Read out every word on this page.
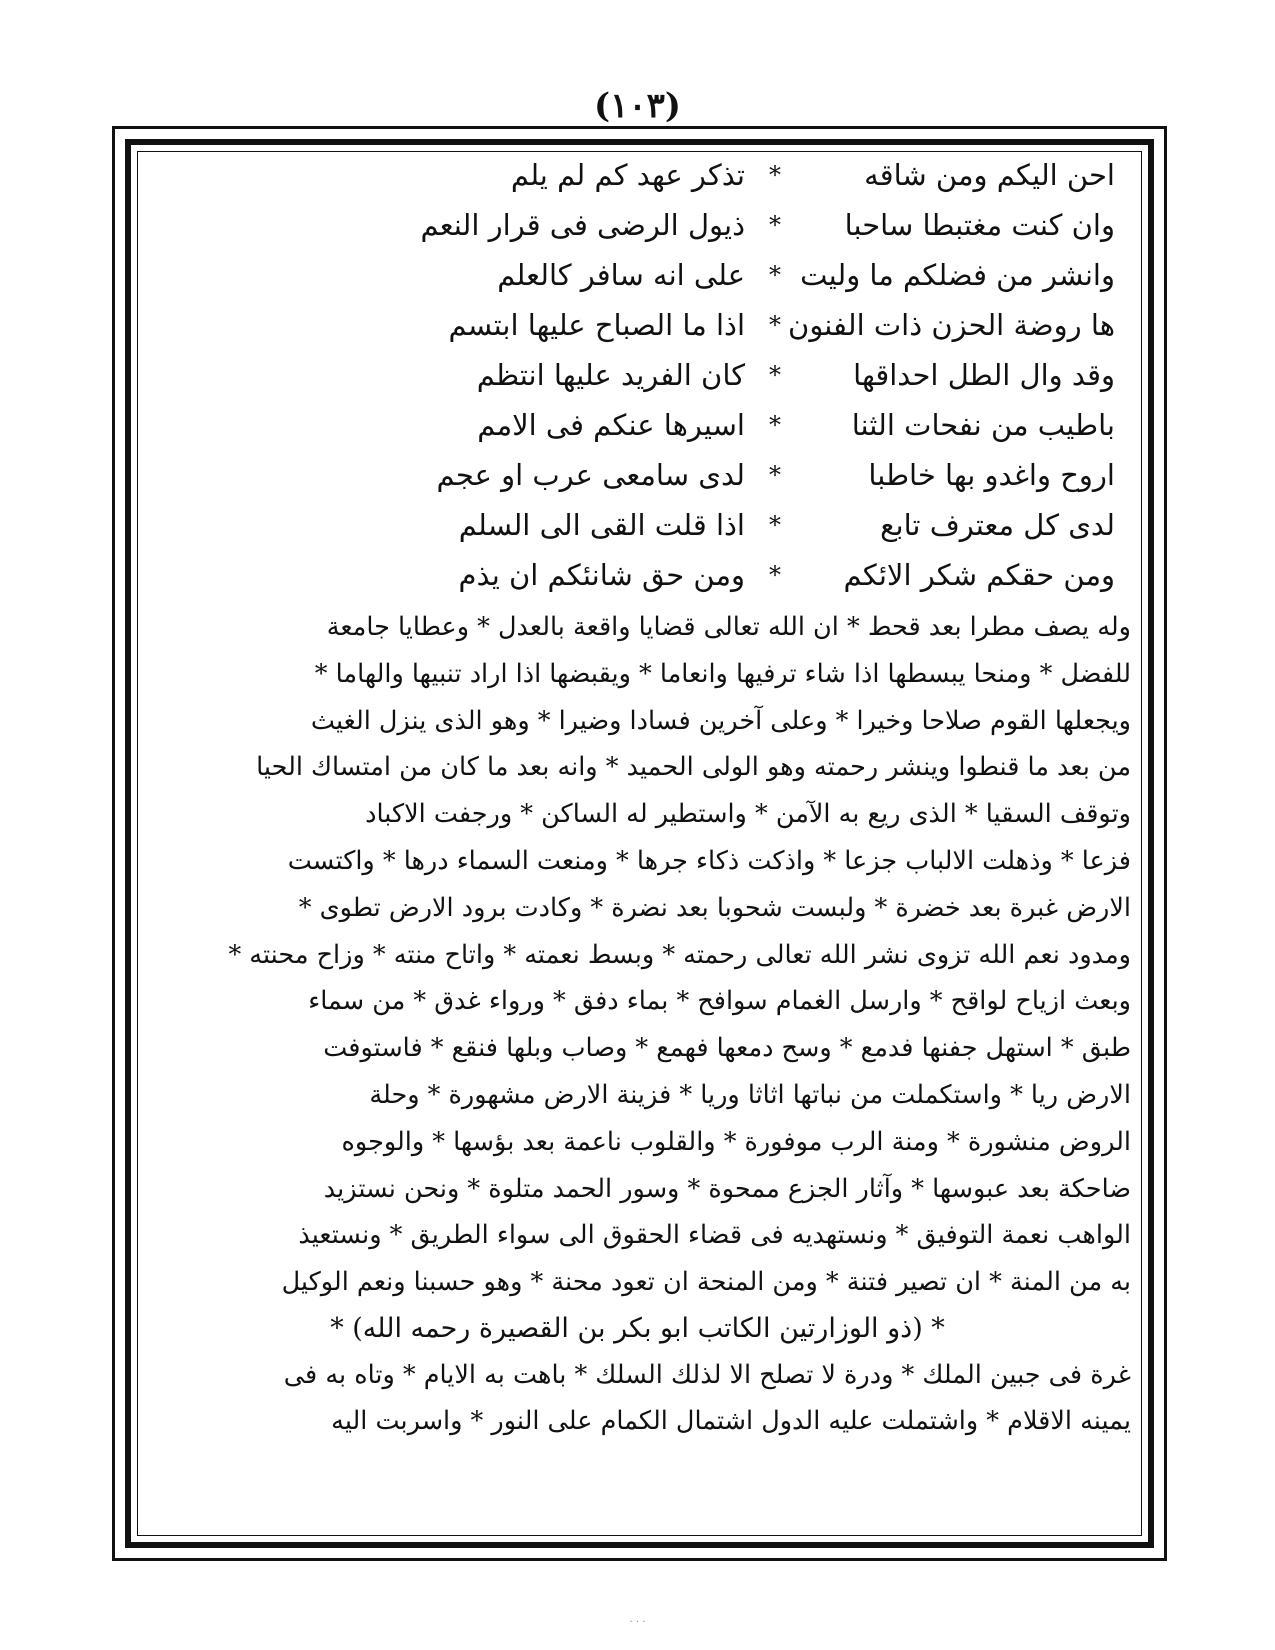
(١٠٣)
احن اليكم ومن شاقه
*
تذكر عهد كم لم يلم
وان كنت مغتبطا ساحبا
*
ذيول الرضى فى قرار النعم
وانشر من فضلكم ما وليت
*
على انه سافر كالعلم
ها روضة الحزن ذات الفنون
*
اذا ما الصباح عليها ابتسم
وقد وال الطل احداقها
*
كان الفريد عليها انتظم
باطيب من نفحات الثنا
*
اسيرها عنكم فى الامم
اروح واغدو بها خاطبا
*
لدى سامعى عرب او عجم
لدى كل معترف تابع
*
اذا قلت القى الى السلم
ومن حقكم شكر الائكم
*
ومن حق شانئكم ان يذم

وله يصف مطرا بعد قحط * ان الله تعالى قضايا واقعة بالعدل * وعطايا جامعة

للفضل * ومنحا يبسطها اذا شاء ترفيها وانعاما * ويقبضها اذا اراد تنبيها والهاما *

ويجعلها القوم صلاحا وخيرا * وعلى آخرين فسادا وضيرا * وهو الذى ينزل الغيث

من بعد ما قنطوا وينشر رحمته وهو الولى الحميد * وانه بعد ما كان من امتساك الحيا

وتوقف السقيا * الذى ريع به الآمن * واستطير له الساكن * ورجفت الاكباد

فزعا * وذهلت الالباب جزعا * واذكت ذكاء جرها * ومنعت السماء درها * واكتست

الارض غبرة بعد خضرة * ولبست شحوبا بعد نضرة * وكادت برود الارض تطوى *

ومدود نعم الله تزوى نشر الله تعالى رحمته * وبسط نعمته * واتاح منته * وزاح محنته *

وبعث ازياح لواقح * وارسل الغمام سوافح * بماء دفق * ورواء غدق * من سماء

طبق * استهل جفنها فدمع * وسح دمعها فهمع * وصاب وبلها فنقع * فاستوفت

الارض ريا * واستكملت من نباتها اثاثا وريا * فزينة الارض مشهورة * وحلة

الروض منشورة * ومنة الرب موفورة * والقلوب ناعمة بعد بؤسها * والوجوه

ضاحكة بعد عبوسها * وآثار الجزع ممحوة * وسور الحمد متلوة * ونحن نستزيد

الواهب نعمة التوفيق * ونستهديه فى قضاء الحقوق الى سواء الطريق * ونستعيذ

به من المنة * ان تصير فتنة * ومن المنحة ان تعود محنة * وهو حسبنا ونعم الوكيل

* (ذو الوزارتين الكاتب ابو بكر بن القصيرة رحمه الله) *

غرة فى جبين الملك * ودرة لا تصلح الا لذلك السلك * باهت به الايام * وتاه به فى

يمينه الاقلام * واشتملت عليه الدول اشتمال الكمام على النور * واسربت اليه

· · ·
